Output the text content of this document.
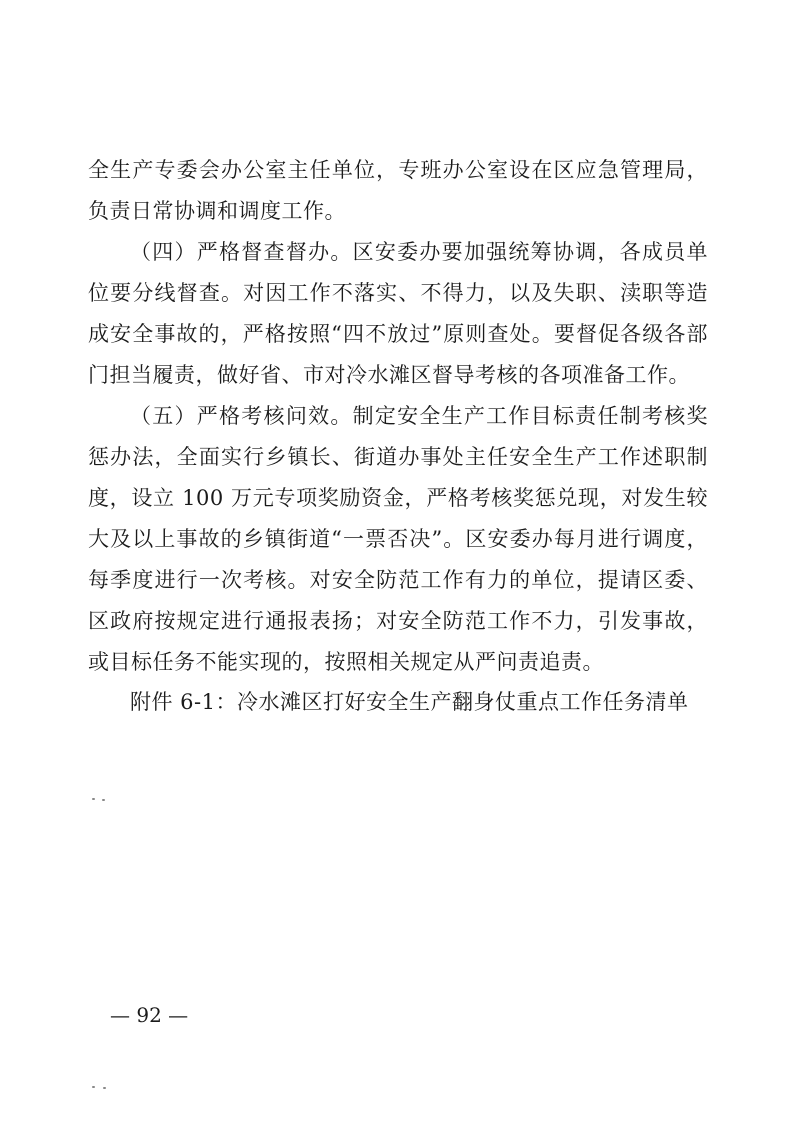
全生产专委会办公室主任单位，专班办公室设在区应急管理局，负责日常协调和调度工作。

（四）严格督查督办。区安委办要加强统筹协调，各成员单位要分线督查。对因工作不落实、不得力，以及失职、渎职等造成安全事故的，严格按照“四不放过”原则查处。要督促各级各部门担当履责，做好省、市对冷水滩区督导考核的各项准备工作。

（五）严格考核问效。制定安全生产工作目标责任制考核奖惩办法，全面实行乡镇长、街道办事处主任安全生产工作述职制度，设立 100 万元专项奖励资金，严格考核奖惩兑现，对发生较大及以上事故的乡镇街道“一票否决”。区安委办每月进行调度，每季度进行一次考核。对安全防范工作有力的单位，提请区委、区政府按规定进行通报表扬；对安全防范工作不力，引发事故，或目标任务不能实现的，按照相关规定从严问责追责。

附件 6-1：冷水滩区打好安全生产翻身仗重点工作任务清单
— 92 —
